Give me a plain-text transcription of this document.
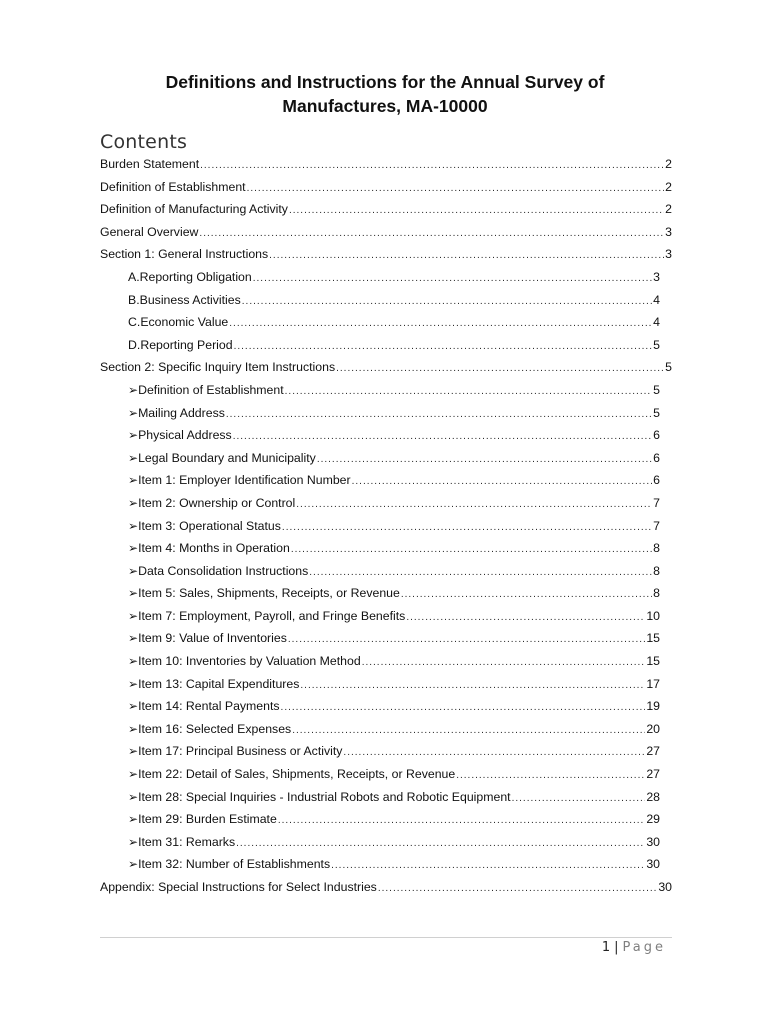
Definitions and Instructions for the Annual Survey of
Manufactures, MA-10000
Contents
Burden Statement .....	2
Definition of Establishment .....	2
Definition of Manufacturing Activity .....	2
General Overview .....	3
Section 1: General Instructions .....	3
A. Reporting Obligation .....	3
B. Business Activities .....	4
C. Economic Value .....	4
D. Reporting Period .....	5
Section 2: Specific Inquiry Item Instructions .....	5
➢ Definition of Establishment .....	5
➢ Mailing Address .....	5
➢ Physical Address .....	6
➢ Legal Boundary and Municipality .....	6
➢ Item 1: Employer Identification Number .....	6
➢ Item 2: Ownership or Control .....	7
➢ Item 3: Operational Status .....	7
➢ Item 4: Months in Operation .....	8
➢ Data Consolidation Instructions .....	8
➢ Item 5: Sales, Shipments, Receipts, or Revenue .....	8
➢ Item 7: Employment, Payroll, and Fringe Benefits .....	10
➢ Item 9: Value of Inventories .....	15
➢ Item 10: Inventories by Valuation Method .....	15
➢ Item 13: Capital Expenditures .....	17
➢ Item 14: Rental Payments .....	19
➢ Item 16: Selected Expenses .....	20
➢ Item 17: Principal Business or Activity .....	27
➢ Item 22: Detail of Sales, Shipments, Receipts, or Revenue .....	27
➢ Item 28: Special Inquiries - Industrial Robots and Robotic Equipment .....	28
➢ Item 29: Burden Estimate .....	29
➢ Item 31: Remarks .....	30
➢ Item 32: Number of Establishments .....	30
Appendix: Special Instructions for Select Industries .....	30
1 | Page
